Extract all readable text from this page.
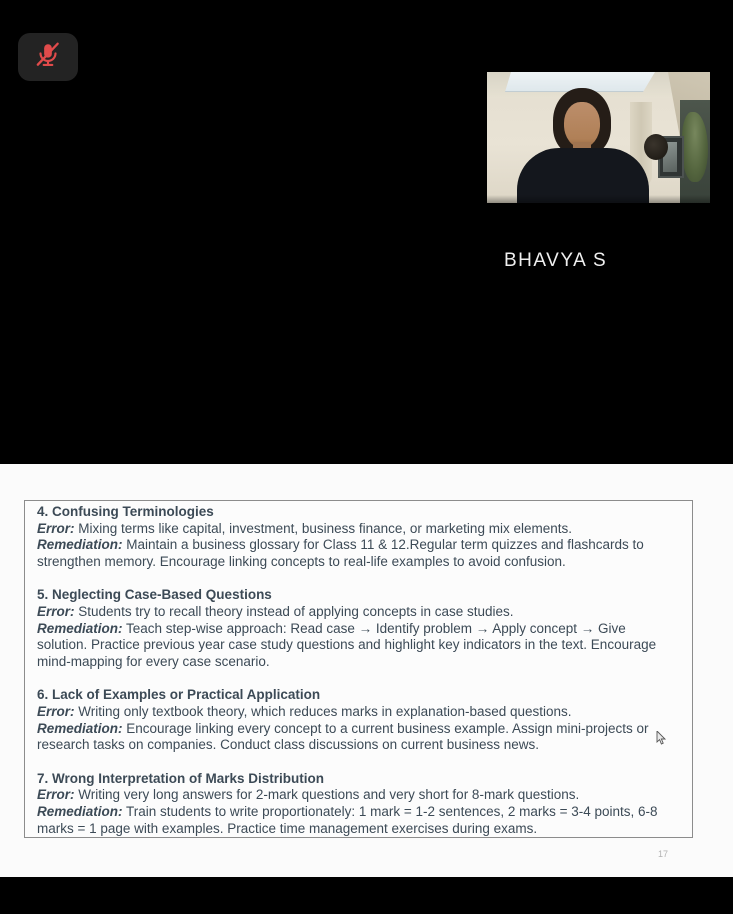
BHAVYA S
4. Confusing Terminologies

Error: Mixing terms like capital, investment, business finance, or marketing mix elements.

Remediation: Maintain a business glossary for Class 11 & 12.Regular term quizzes and flashcards to strengthen memory. Encourage linking concepts to real-life examples to avoid confusion.

5. Neglecting Case-Based Questions

Error: Students try to recall theory instead of applying concepts in case studies.

Remediation: Teach step-wise approach: Read case → Identify problem → Apply concept → Give solution. Practice previous year case study questions and highlight key indicators in the text. Encourage mind-mapping for every case scenario.

6. Lack of Examples or Practical Application

Error: Writing only textbook theory, which reduces marks in explanation-based questions.

Remediation: Encourage linking every concept to a current business example. Assign mini-projects or research tasks on companies. Conduct class discussions on current business news.

7. Wrong Interpretation of Marks Distribution

Error: Writing very long answers for 2-mark questions and very short for 8-mark questions.

Remediation: Train students to write proportionately: 1 mark = 1-2 sentences, 2 marks = 3-4 points, 6-8 marks = 1 page with examples. Practice time management exercises during exams.

17
